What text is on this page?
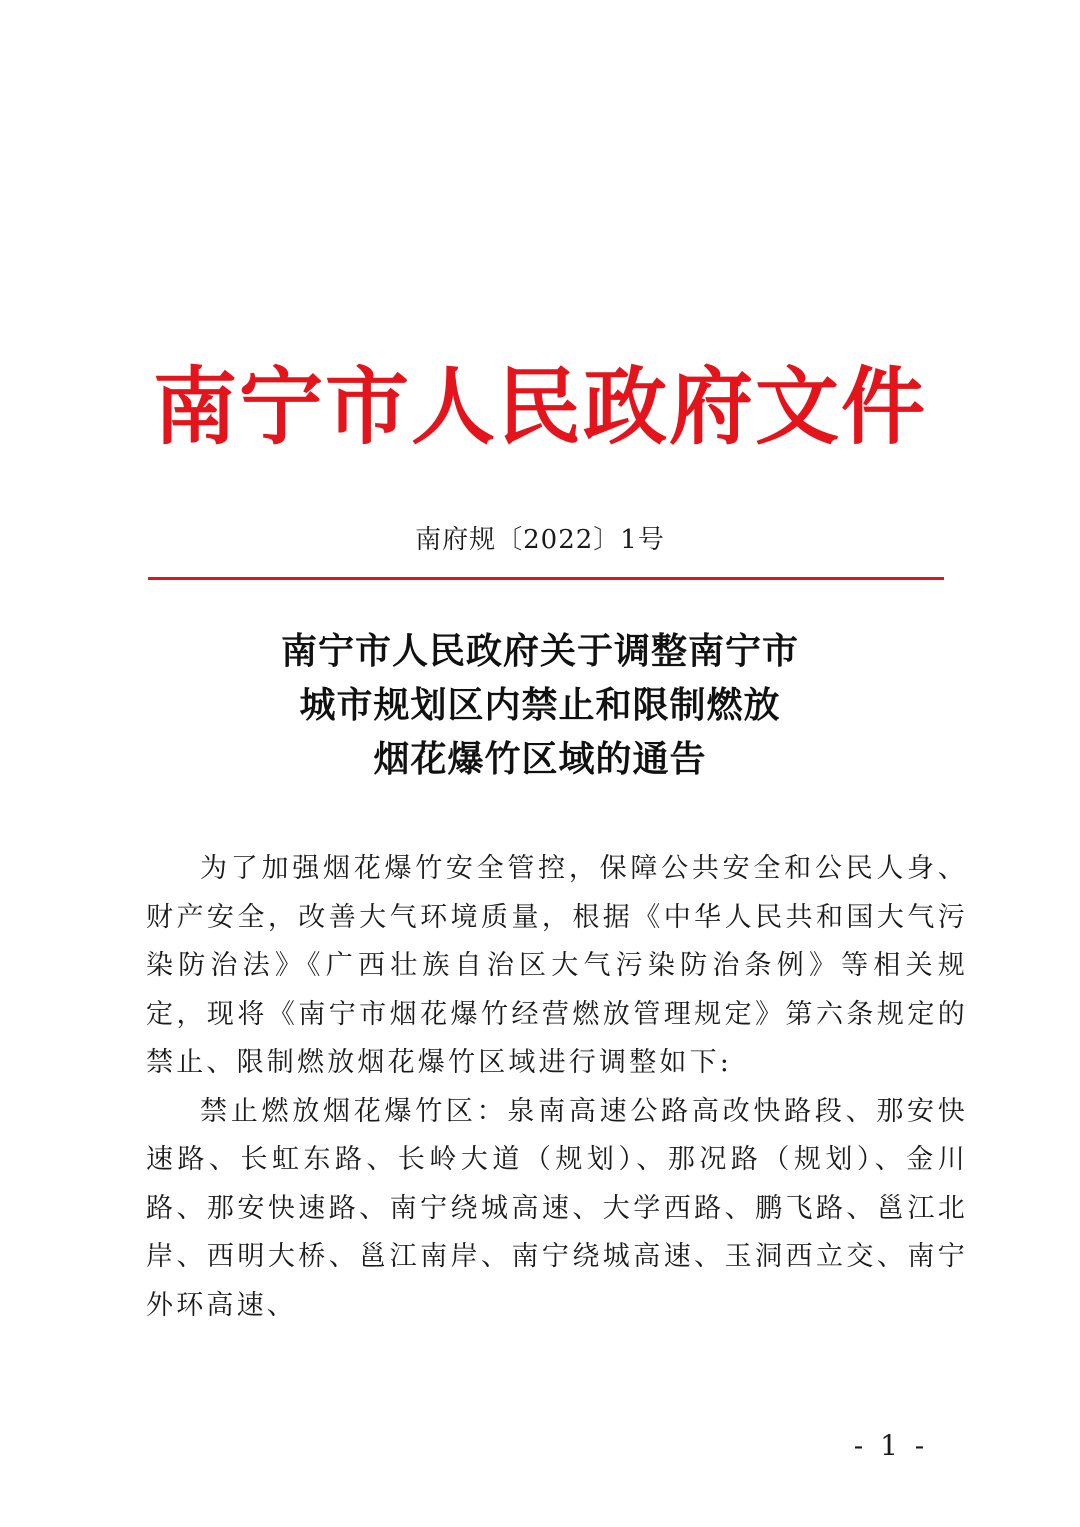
南宁市人民政府文件
南府规〔2022〕1号
南宁市人民政府关于调整南宁市
城市规划区内禁止和限制燃放
烟花爆竹区域的通告

为了加强烟花爆竹安全管控，保障公共安全和公民人身、财产安全，改善大气环境质量，根据《中华人民共和国大气污染防治法》《广西壮族自治区大气污染防治条例》等相关规定，现将《南宁市烟花爆竹经营燃放管理规定》第六条规定的禁止、限制燃放烟花爆竹区域进行调整如下:

禁止燃放烟花爆竹区：泉南高速公路高改快路段、那安快速路、长虹东路、长岭大道（规划）、那况路（规划）、金川路、那安快速路、南宁绕城高速、大学西路、鹏飞路、邕江北岸、西明大桥、邕江南岸、南宁绕城高速、玉洞西立交、南宁外环高速、

- 1 -
